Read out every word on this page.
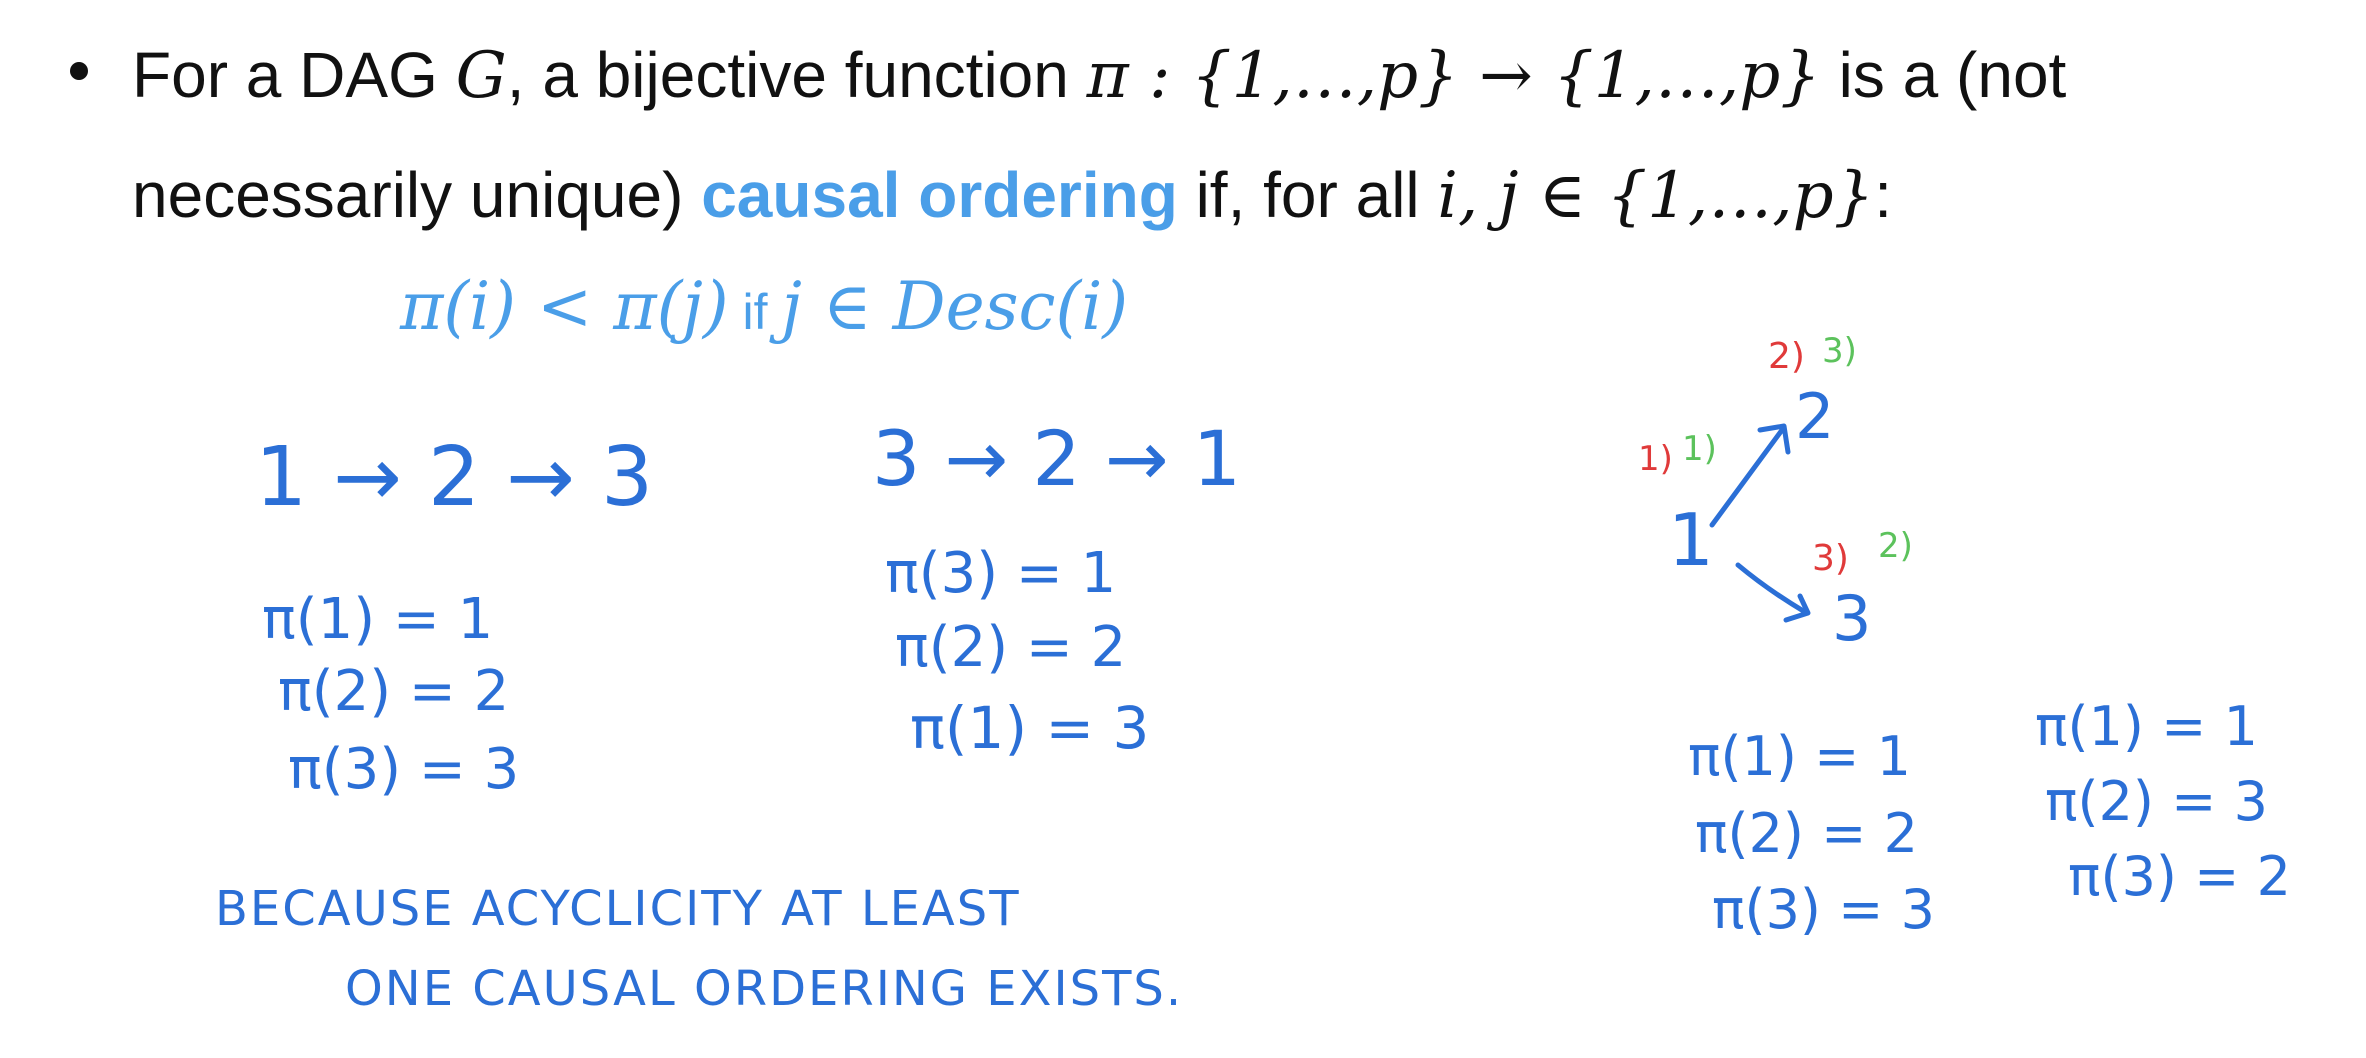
For a DAG G, a bijective function π : {1,…,p} → {1,…,p} is a (not
necessarily unique) causal ordering if, for all i, j ∈ {1,…,p}:
π(i) < π(j) if j ∈ Desc(i)
1 → 2 → 3
π(1) = 1
π(2) = 2
π(3) = 3
3 → 2 → 1
π(3) = 1
π(2) = 2
π(1) = 3
BECAUSE ACYCLICITY AT LEAST
ONE CAUSAL ORDERING EXISTS.
1
2
3
π(1) = 1
π(2) = 2
π(3) = 3
π(1) = 1
π(2) = 3
π(3) = 2
1)
2)
3)
1)
3)
2)
